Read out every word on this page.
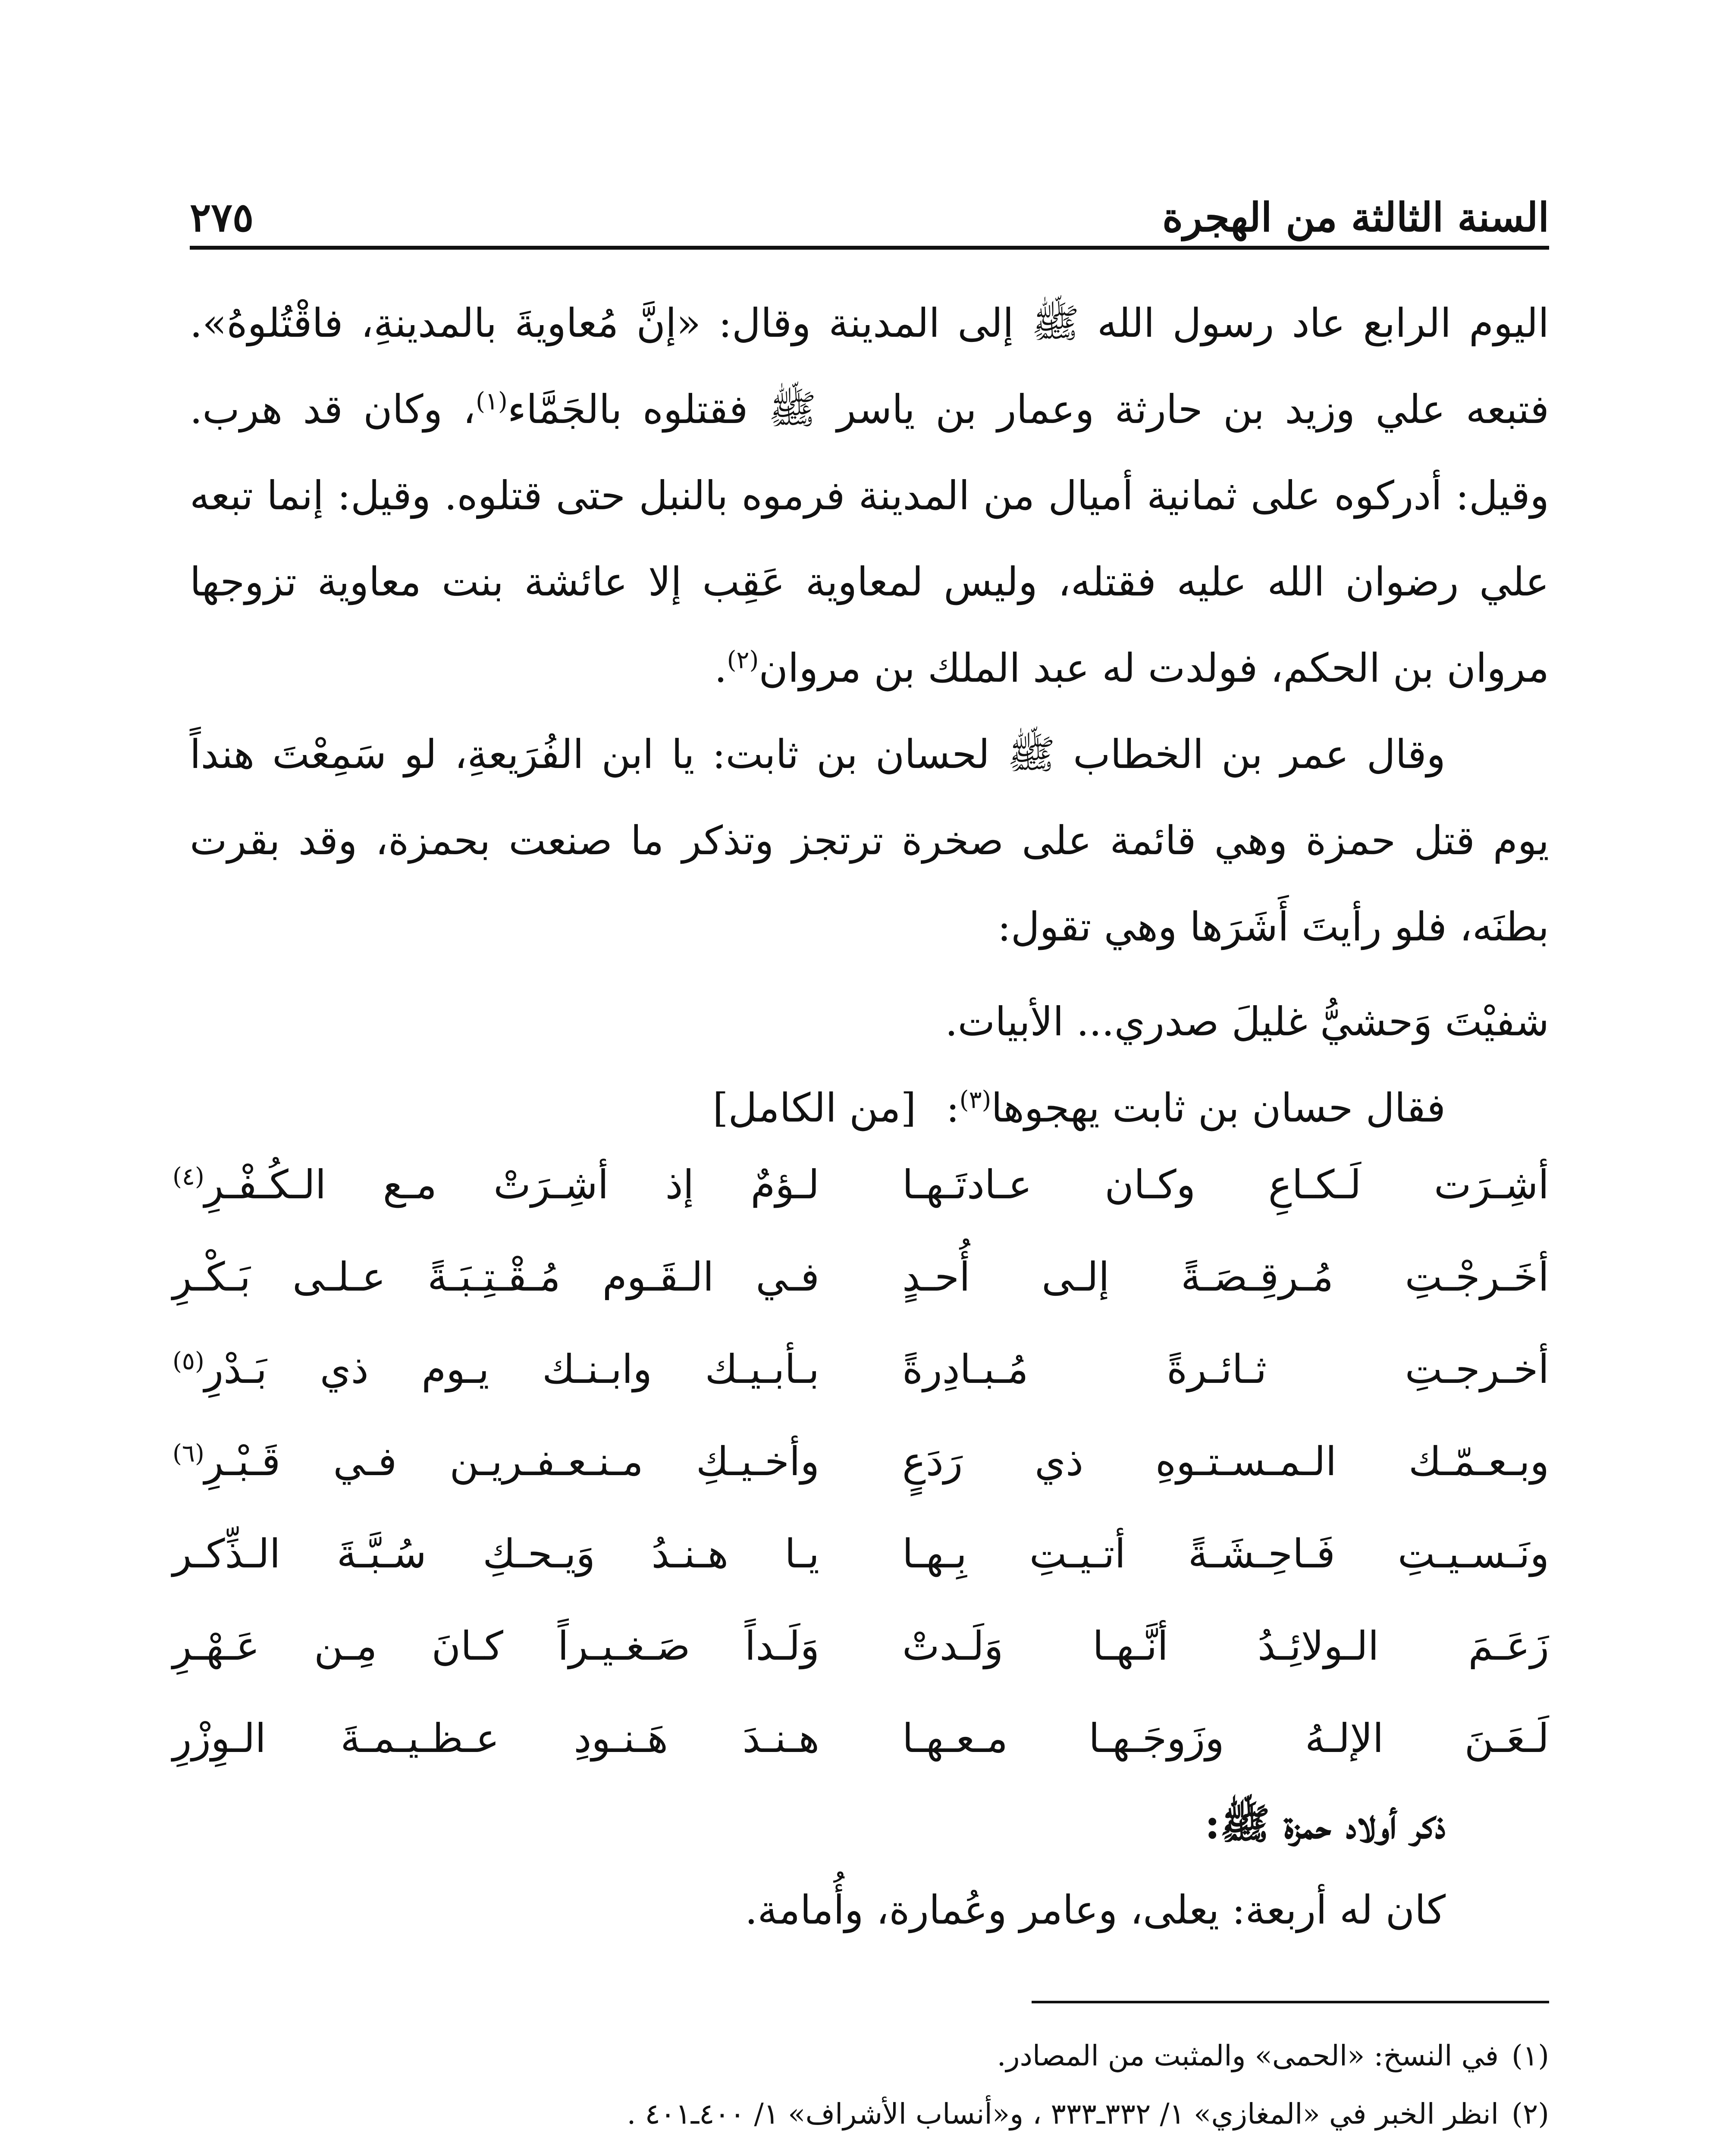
السنة الثالثة من الهجرة
٢٧٥

اليوم الرابع عاد رسول الله ﷺ إلى المدينة وقال: «إنَّ مُعاويةَ بالمدينةِ، فاقْتُلوهُ». فتبعه علي وزيد بن حارثة وعمار بن ياسر ﷺ فقتلوه بالجَمَّاء$^{(١)}$، وكان قد هرب. وقيل: أدركوه على ثمانية أميال من المدينة فرموه بالنبل حتى قتلوه. وقيل: إنما تبعه علي رضوان الله عليه فقتله، وليس لمعاوية عَقِب إلا عائشة بنت معاوية تزوجها مروان بن الحكم، فولدت له عبد الملك بن مروان$^{(٢)}$.

وقال عمر بن الخطاب ﷺ لحسان بن ثابت: يا ابن الفُرَيعةِ، لو سَمِعْتَ هنداً يوم قتل حمزة وهي قائمة على صخرة ترتجز وتذكر ما صنعت بحمزة، وقد بقرت بطنَه، فلو رأيتَ أَشَرَها وهي تقول:

شفيْتَ وَحشيُّ غليلَ صدري... الأبيات.

فقال حسان بن ثابت يهجوها$^{(٣)}$: [من الكامل]

أشِـرَت لَـكـاعِ وكـان عـادتَـهـا
لـؤمٌ إذ أشِـرَتْ مـع الـكُـفْـرِ$^{(٤)}$
أخَـرجْـتِ مُـرقِـصَـةً إلـى أُحـدٍ
فـي الـقَـوم مُـقْـتِـبَـةً عـلـى بَـكْـرِ
أخـرجـتِ ثـائـرةً مُـبـادِرةً
بـأبـيـك وابـنـك يـوم ذي بَـدْرِ$^{(٥)}$
وبـعـمّـك الـمـسـتـوهِ ذي رَدَعٍ
وأخـيـكِ مـنـعـفـريـن فـي قَـبْـرِ$^{(٦)}$
ونَـسـيـتِ فَـاحِـشَـةً أتـيـتِ بِـهـا
يـا هـنـدُ وَيـحـكِ سُـبَّـةَ الـذِّكـر
زَعَـمَ الـولائِـدُ أنَّـهـا وَلَـدتْ
وَلَـداً صَـغـيـراً كـانَ مِـن عَـهْـرِ
لَـعَـنَ الإلـهُ وزَوجَـهـا مـعـهـا
هـنـدَ هَـنـودِ عـظـيـمـةَ الـوِزْرِ
ذكر أولاد حمزة ﷺ:

كان له أربعة: يعلى، وعامر وعُمارة، وأُمامة.

(١)
في النسخ: «الحمى» والمثبت من المصادر.
(٢)
انظر الخبر في «المغازي» ١/ ٣٣٢ـ٣٣٣ ، و«أنساب الأشراف» ١/ ٤٠٠ـ٤٠١ .
